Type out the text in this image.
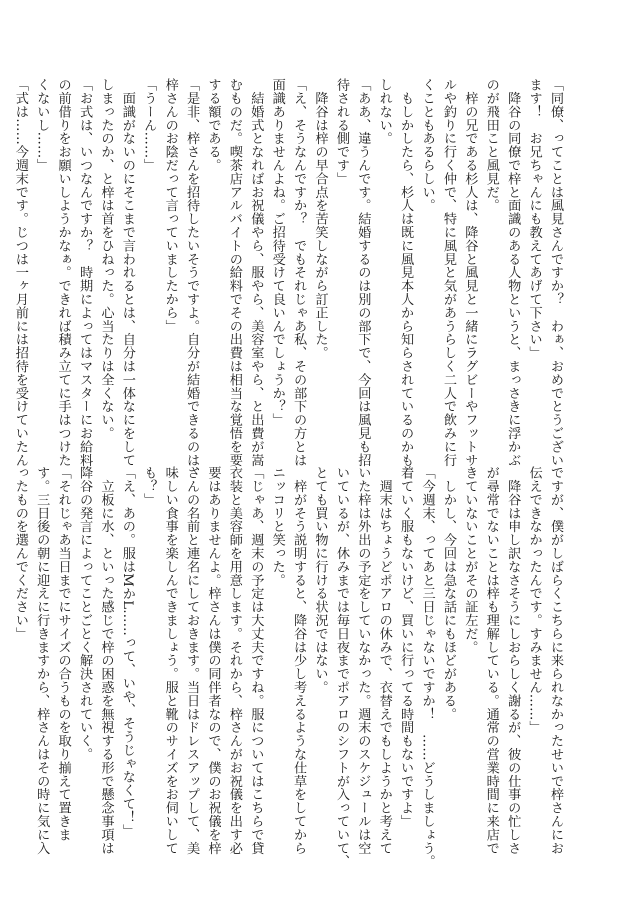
「同僚、ってことは風見さんですか？　わぁ、おめでとうござい
ます！　お兄ちゃんにも教えてあげて下さい」
　降谷の同僚で梓と面識のある人物というと、まっさきに浮かぶ
のが飛田こと風見だ。
　梓の兄である杉人は、降谷と風見と一緒にラグビーやフットサ
ルや釣りに行く仲で、特に風見と気があうらしく二人で飲みに行
くこともあるらしい。
　もしかしたら、杉人は既に風見本人から知らされているのかも
しれない。
「ああ、違うんです。結婚するのは別の部下で、今回は風見も招
待される側です」
　降谷は梓の早合点を苦笑しながら訂正した。
「え、そうなんですか？　でもそれじゃあ私、その部下の方とは
面識ありませんよね。ご招待受けて良いんでしょうか？」
　結婚式となればお祝儀やら、服やら、美容室やら、と出費が嵩
むものだ。喫茶店アルバイトの給料でその出費は相当な覚悟を要
する額である。
「是非、梓さんを招待したいそうですよ。自分が結婚できるのは、
梓さんのお陰だって言っていましたから」
「うーん……」
　面識がないのにそこまで言われるとは、自分は一体なにをして
しまったのか、と梓は首をひねった。心当たりは全くない。
「お式は、いつなんですか？　時期によってはマスターにお給料
の前借りをお願いしようかなぁ。できれば積み立てに手はつけた
くないし……」
「式は……今週末です。じつは一ヶ月前には招待を受けていたん
ですが、僕がしばらくこちらに来られなかったせいで梓さんにお
伝えできなかったんです。すみません……」
　降谷は申し訳なさそうにしおらしく謝るが、彼の仕事の忙しさ
が尋常でないことは梓も理解している。通常の営業時間に来店で
きていないことがその証左だ。
　しかし、今回は急な話にもほどがある。
「今週末、ってあと三日じゃないですか！　……どうしましょう。
着ていく服もないけど、買いに行ってる時間もないですよ」
　週末はちょうどポアロの休みで、衣替えでもしようかと考えて
いた梓は外出の予定をしていなかった。週末のスケジュールは空
いているが、休みまでは毎日夜までポアロのシフトが入っていて、
とても買い物に行ける状況ではない。
　梓がそう説明すると、降谷は少し考えるような仕草をしてから
ニッコリと笑った。
「じゃあ、週末の予定は大丈夫ですね。服についてはこちらで貸
衣装と美容師を用意します。それから、梓さんがお祝儀を出す必
要はありませんよ。梓さんは僕の同伴者なので、僕のお祝儀を梓
さんの名前と連名にしておきます。当日はドレスアップして、美
味しい食事を楽しんできましょう。服と靴のサイズをお伺いして
も？」
「え、あの。服はMかL……って、いや、そうじゃなくて！」
　立板に水、といった感じで梓の困惑を無視する形で懸念事項は
降谷の発言によってことごとく解決されていく。
「それじゃあ当日までにサイズの合うものを取り揃えて置きま
す。三日後の朝に迎えに行きますから、梓さんはその時に気に入
ったものを選んでください」
